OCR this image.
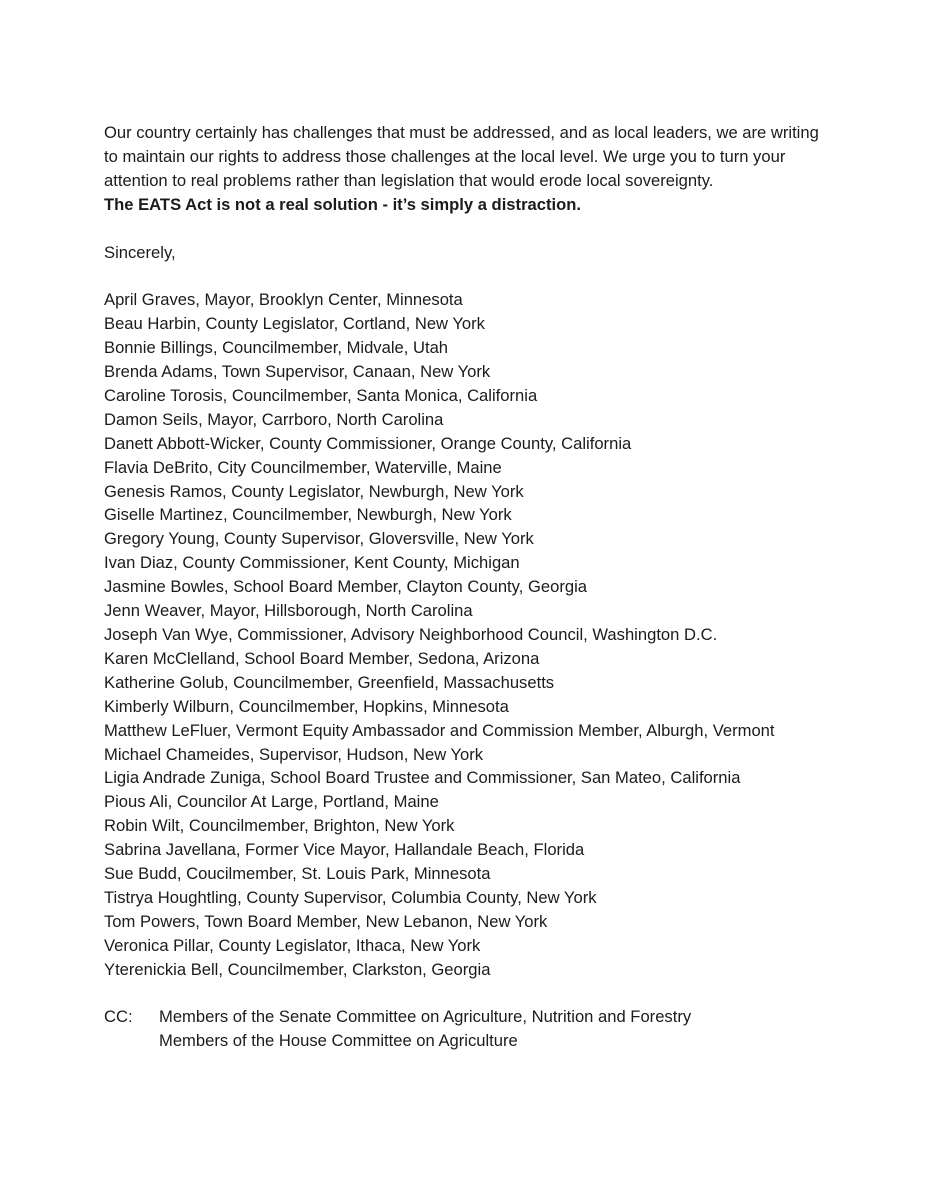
Our country certainly has challenges that must be addressed, and as local leaders, we are writing

to maintain our rights to address those challenges at the local level. We urge you to turn your

attention to real problems rather than legislation that would erode local sovereignty.

The EATS Act is not a real solution - it’s simply a distraction.

Sincerely,

April Graves, Mayor, Brooklyn Center, Minnesota
Beau Harbin, County Legislator, Cortland, New York
Bonnie Billings, Councilmember, Midvale, Utah
Brenda Adams, Town Supervisor, Canaan, New York
Caroline Torosis, Councilmember, Santa Monica, California
Damon Seils, Mayor, Carrboro, North Carolina
Danett Abbott-Wicker, County Commissioner, Orange County, California
Flavia DeBrito, City Councilmember, Waterville, Maine
Genesis Ramos, County Legislator, Newburgh, New York
Giselle Martinez, Councilmember, Newburgh, New York
Gregory Young, County Supervisor, Gloversville, New York
Ivan Diaz, County Commissioner, Kent County, Michigan
Jasmine Bowles, School Board Member, Clayton County, Georgia
Jenn Weaver, Mayor, Hillsborough, North Carolina
Joseph Van Wye, Commissioner, Advisory Neighborhood Council, Washington D.C.
Karen McClelland, School Board Member, Sedona, Arizona
Katherine Golub, Councilmember, Greenfield, Massachusetts
Kimberly Wilburn, Councilmember, Hopkins, Minnesota
Matthew LeFluer, Vermont Equity Ambassador and Commission Member, Alburgh, Vermont
Michael Chameides, Supervisor, Hudson, New York
Ligia Andrade Zuniga, School Board Trustee and Commissioner, San Mateo, California
Pious Ali, Councilor At Large, Portland, Maine
Robin Wilt, Councilmember, Brighton, New York
Sabrina Javellana, Former Vice Mayor, Hallandale Beach, Florida
Sue Budd, Coucilmember, St. Louis Park, Minnesota
Tistrya Houghtling, County Supervisor, Columbia County, New York
Tom Powers, Town Board Member, New Lebanon, New York
Veronica Pillar, County Legislator, Ithaca, New York
Yterenickia Bell, Councilmember, Clarkston, Georgia
CC:	Members of the Senate Committee on Agriculture, Nutrition and Forestry
Members of the House Committee on Agriculture
